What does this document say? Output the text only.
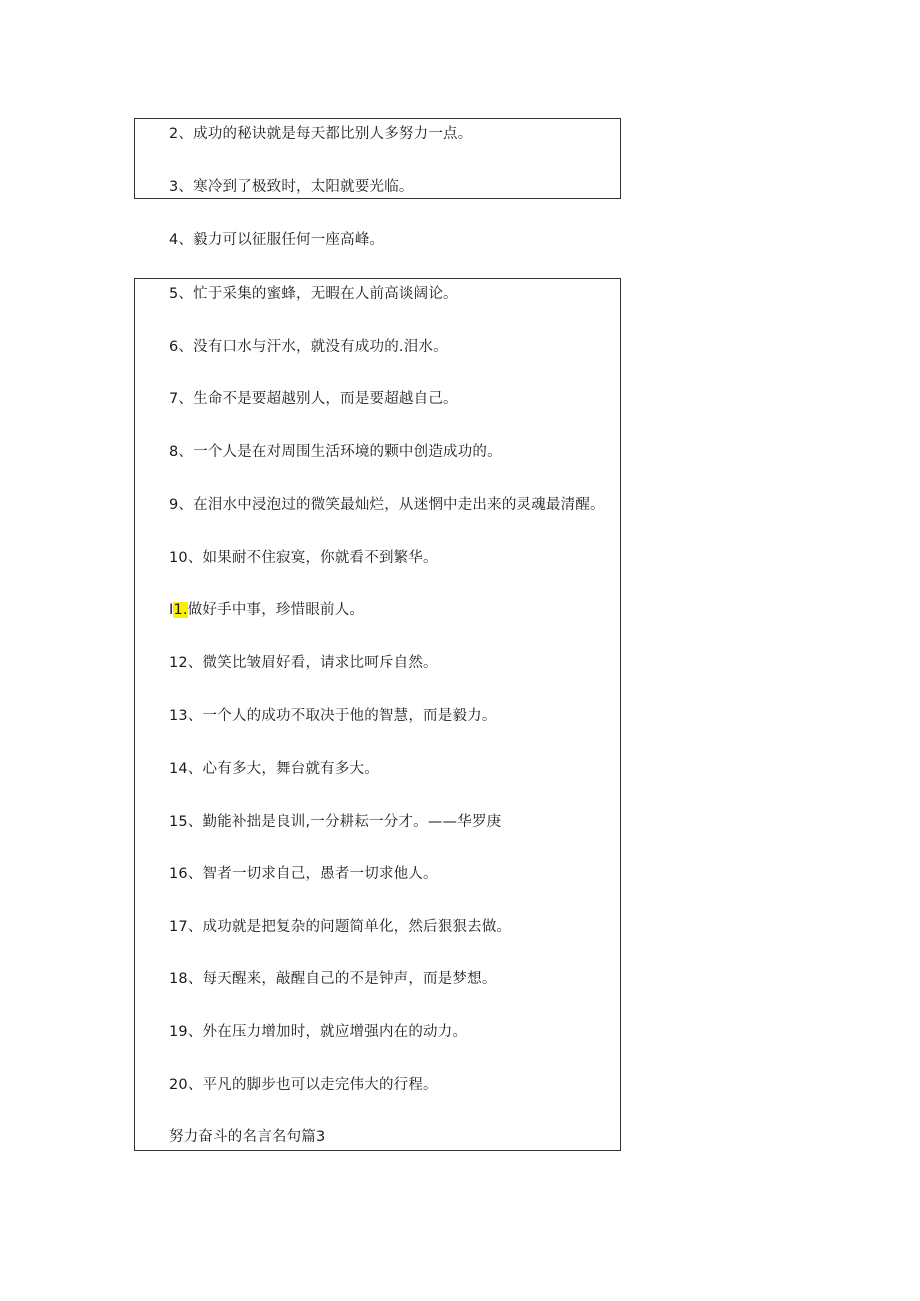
2、成功的秘诀就是每天都比别人多努力一点。
3、寒冷到了极致时，太阳就要光临。
4、毅力可以征服任何一座高峰。
5、忙于采集的蜜蜂，无暇在人前高谈阔论。
6、没有口水与汗水，就没有成功的.泪水。
7、生命不是要超越别人，而是要超越自己。
8、一个人是在对周围生活环境的颗中创造成功的。
9、在泪水中浸泡过的微笑最灿烂，从迷惘中走出来的灵魂最清醒。
10、如果耐不住寂寞，你就看不到繁华。
I1.做好手中事，珍惜眼前人。
12、微笑比皱眉好看，请求比呵斥自然。
13、一个人的成功不取决于他的智慧，而是毅力。
14、心有多大，舞台就有多大。
15、勤能补拙是良训,一分耕耘一分才。——华罗庚
16、智者一切求自己，愚者一切求他人。
17、成功就是把复杂的问题简单化，然后狠狠去做。
18、每天醒来，敲醒自己的不是钟声，而是梦想。
19、外在压力增加时，就应增强内在的动力。
20、平凡的脚步也可以走完伟大的行程。
努力奋斗的名言名句篇3
